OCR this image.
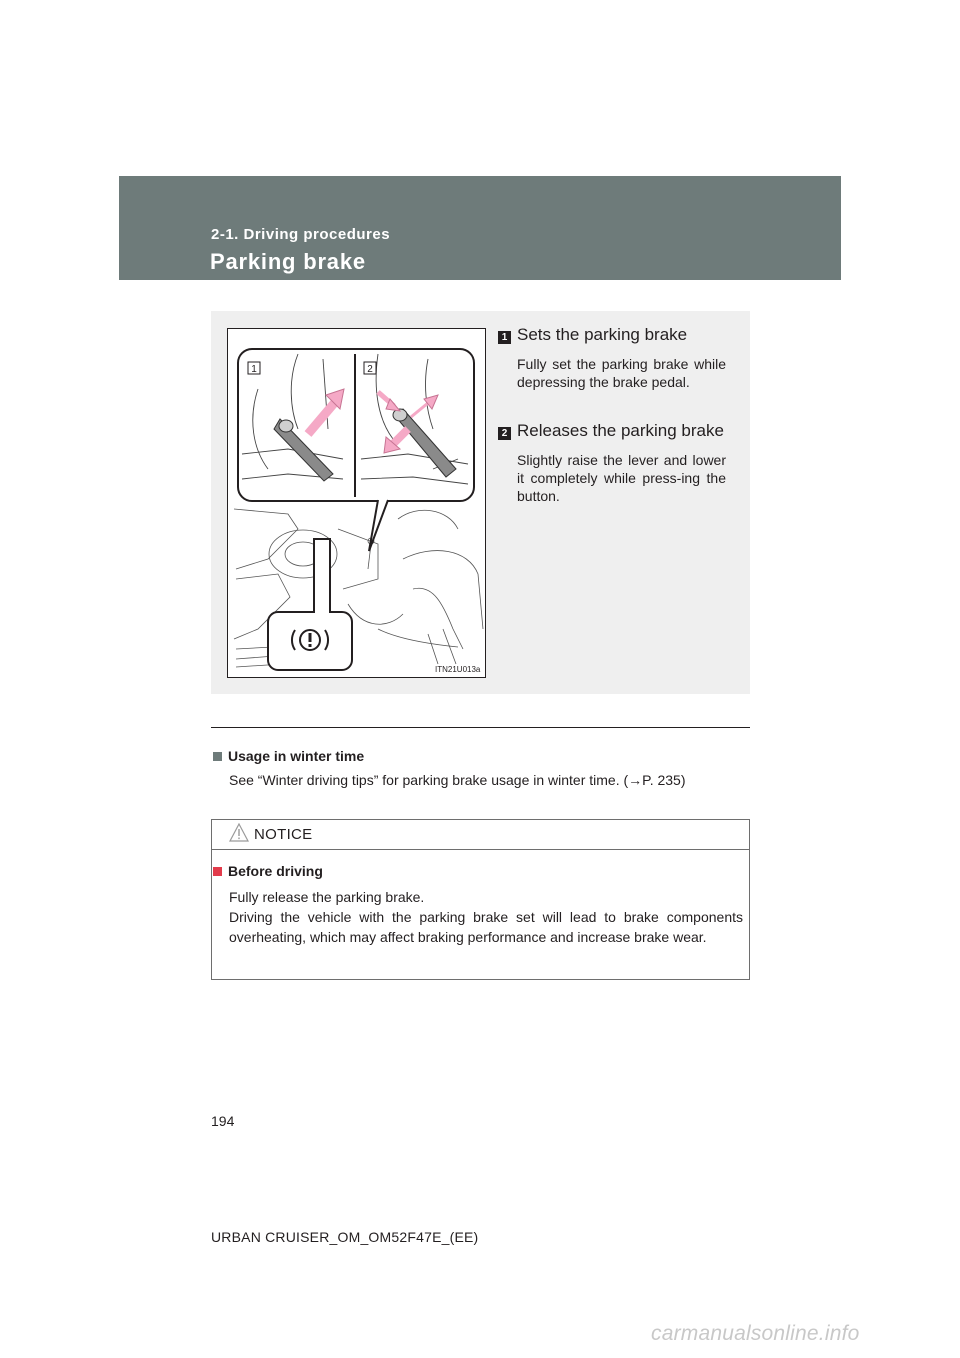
2-1. Driving procedures
Parking brake
1	2
ITN21U013a
1 Sets the parking brake
Fully set the parking brake while depressing the brake pedal.
2 Releases the parking brake
Slightly raise the lever and lower it completely while press-ing the button.
Usage in winter time
See “Winter driving tips” for parking brake usage in winter time. (→P. 235)
NOTICE
Before driving
Fully release the parking brake.
Driving the vehicle with the parking brake set will lead to brake components overheating, which may affect braking performance and increase brake wear.
194
URBAN CRUISER_OM_OM52F47E_(EE)
carmanualsonline.info
